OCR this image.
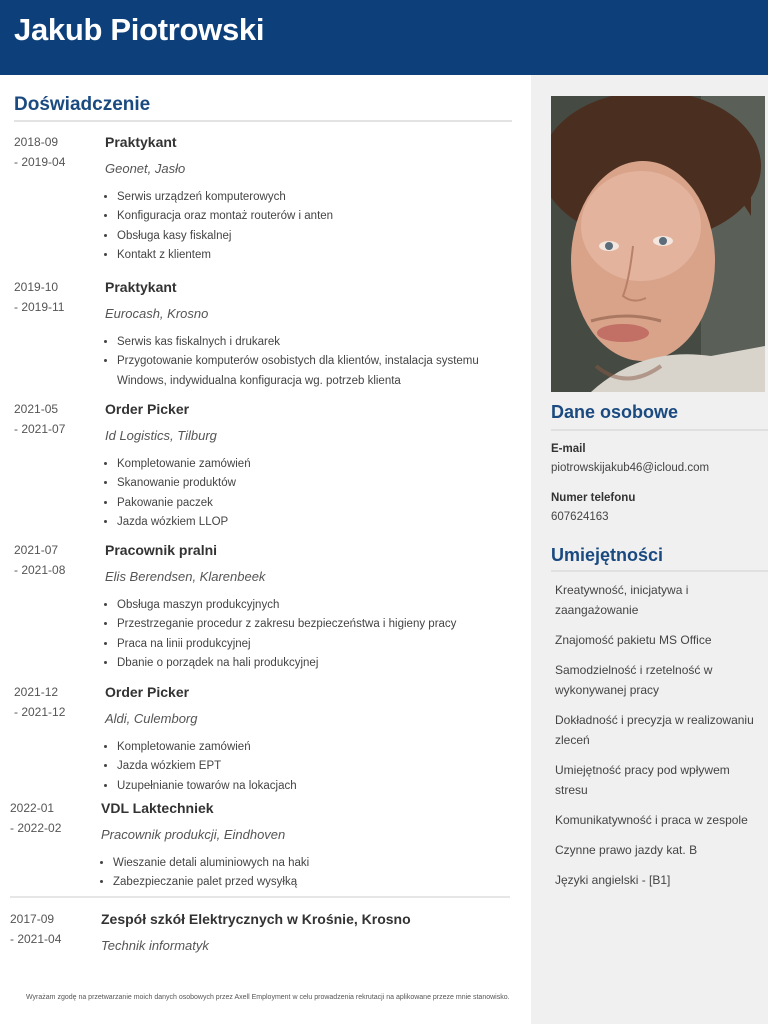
Jakub Piotrowski
Doświadczenie
2018-09
- 2019-04
Praktykant
Geonet, Jasło
• Serwis urządzeń komputerowych
• Konfiguracja oraz montaż routerów i anten
• Obsługa kasy fiskalnej
• Kontakt z klientem
2019-10
- 2019-11
Praktykant
Eurocash, Krosno
• Serwis kas fiskalnych i drukarek
• Przygotowanie komputerów osobistych dla klientów, instalacja systemu Windows, indywidualna konfiguracja wg. potrzeb klienta
2021-05
- 2021-07
Order Picker
Id Logistics, Tilburg
• Kompletowanie zamówień
• Skanowanie produktów
• Pakowanie paczek
• Jazda wózkiem LLOP
2021-07
- 2021-08
Pracownik pralni
Elis Berendsen, Klarenbeek
• Obsługa maszyn produkcyjnych
• Przestrzeganie procedur z zakresu bezpieczeństwa i higieny pracy
• Praca na linii produkcyjnej
• Dbanie o porządek na hali produkcyjnej
2021-12
- 2021-12
Order Picker
Aldi, Culemborg
• Kompletowanie zamówień
• Jazda wózkiem EPT
• Uzupełnianie towarów na lokacjach
2022-01
- 2022-02
VDL Laktechniek
Pracownik produkcji, Eindhoven
• Wieszanie detali aluminiowych na haki
• Zabezpieczanie palet przed wysyłką
2017-09
- 2021-04
Zespół szkół Elektrycznych w Krośnie, Krosno
Technik informatyk
Wyrażam zgodę na przetwarzanie moich danych osobowych przez Axell Employment w celu prowadzenia rekrutacji na aplikowane przeze mnie stanowisko.
Dane osobowe
E-mail
piotrowskijakub46@icloud.com
Numer telefonu
607624163
Umiejętności
Kreatywność, inicjatywa i zaangażowanie
Znajomość pakietu MS Office
Samodzielność i rzetelność w wykonywanej pracy
Dokładność i precyzja w realizowaniu zleceń
Umiejętność pracy pod wpływem stresu
Komunikatywność i praca w zespole
Czynne prawo jazdy kat. B
Języki angielski - [B1]
